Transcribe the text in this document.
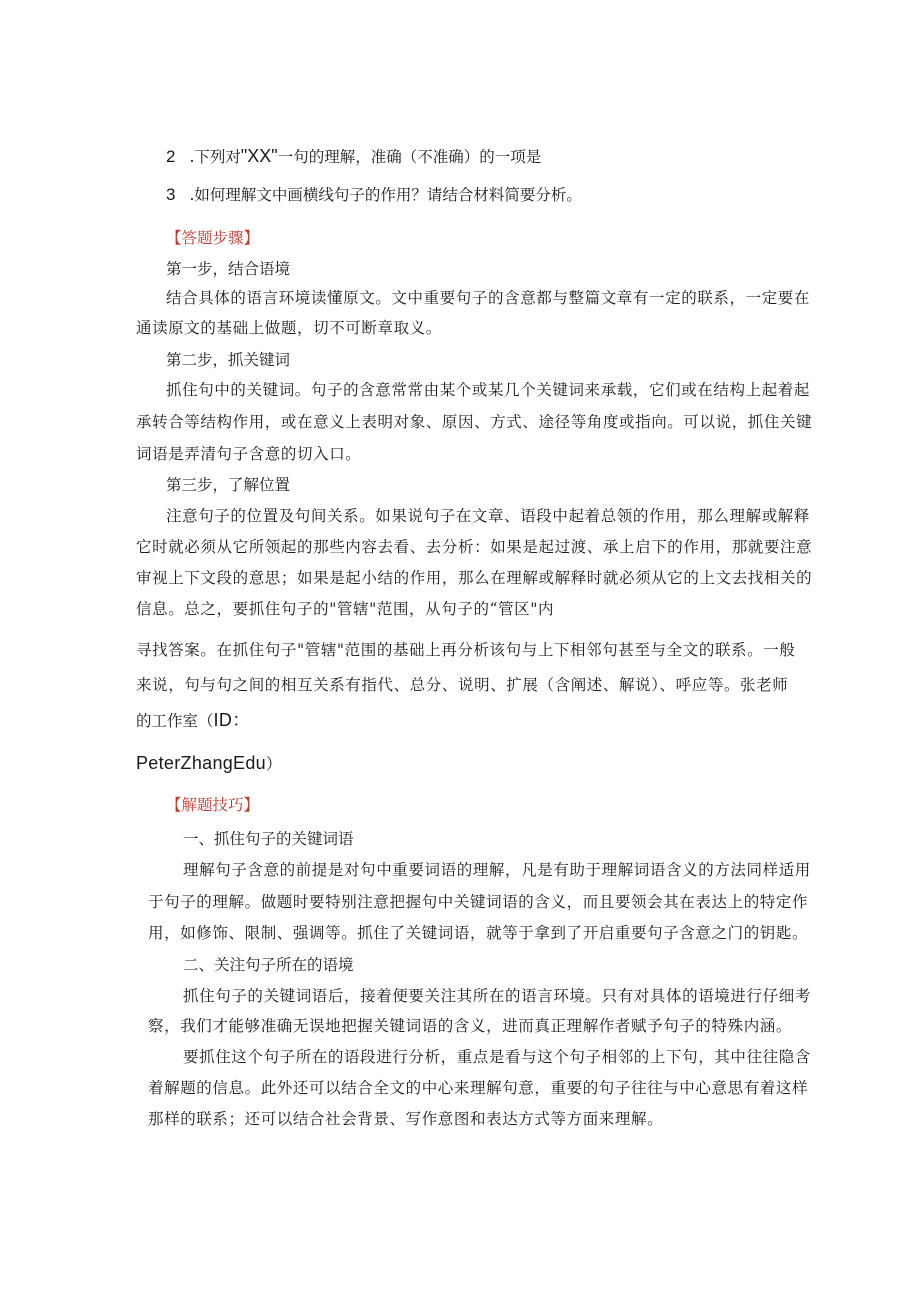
2 .下列对"XX"一句的理解，准确（不准确）的一项是
3 .如何理解文中画横线句子的作用？请结合材料简要分析。
【答题步骤】
第一步，结合语境
结合具体的语言环境读懂原文。文中重要句子的含意都与整篇文章有一定的联系，一定要在
通读原文的基础上做题，切不可断章取义。
第二步，抓关键词
抓住句中的关键词。句子的含意常常由某个或某几个关键词来承载，它们或在结构上起着起
承转合等结构作用，或在意义上表明对象、原因、方式、途径等角度或指向。可以说，抓住关键
词语是弄清句子含意的切入口。
第三步，了解位置
注意句子的位置及句间关系。如果说句子在文章、语段中起着总领的作用，那么理解或解释
它时就必须从它所领起的那些内容去看、去分析：如果是起过渡、承上启下的作用，那就要注意
审视上下文段的意思；如果是起小结的作用，那么在理解或解释时就必须从它的上文去找相关的
信息。总之，要抓住句子的"管辖"范围，从句子的“管区"内
寻找答案。在抓住句子"管辖"范围的基础上再分析该句与上下相邻句甚至与全文的联系。一般
来说，句与句之间的相互关系有指代、总分、说明、扩展（含阐述、解说）、呼应等。张老师
的工作室（ID：
PeterZhangEdu）
【解题技巧】
一、抓住句子的关键词语
理解句子含意的前提是对句中重要词语的理解，凡是有助于理解词语含义的方法同样适用
于句子的理解。做题时要特别注意把握句中关键词语的含义，而且要领会其在表达上的特定作
用，如修饰、限制、强调等。抓住了关键词语，就等于拿到了开启重要句子含意之门的钥匙。
二、关注句子所在的语境
抓住句子的关键词语后，接着便要关注其所在的语言环境。只有对具体的语境进行仔细考
察，我们才能够准确无误地把握关键词语的含义，进而真正理解作者赋予句子的特殊内涵。
要抓住这个句子所在的语段进行分析，重点是看与这个句子相邻的上下句，其中往往隐含
着解题的信息。此外还可以结合全文的中心来理解句意，重要的句子往往与中心意思有着这样
那样的联系；还可以结合社会背景、写作意图和表达方式等方面来理解。
